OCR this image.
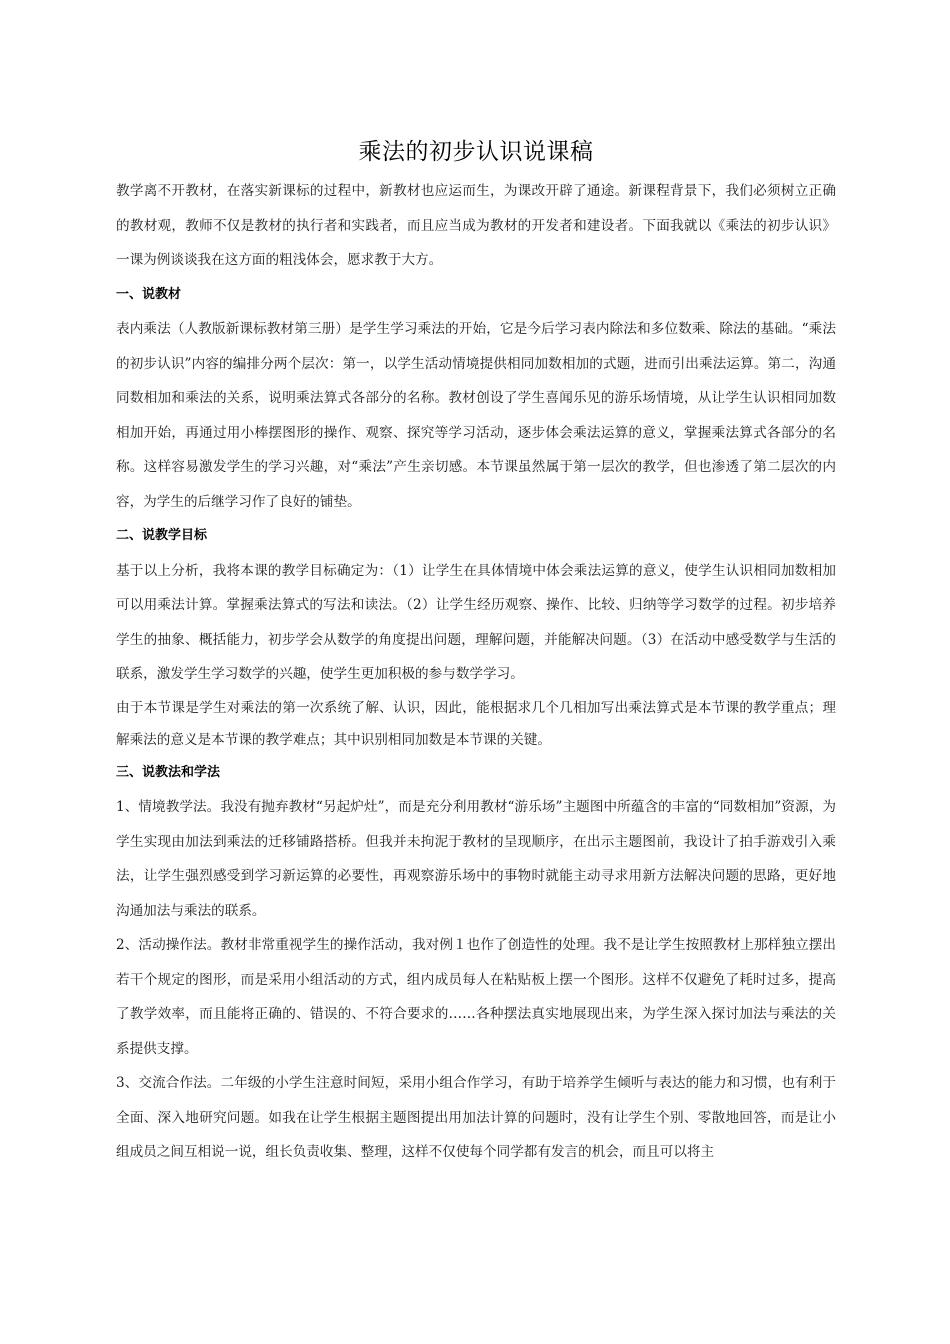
乘法的初步认识说课稿

教学离不开教材，在落实新课标的过程中，新教材也应运而生，为课改开辟了通途。新课程背景下，我们必须树立正确的教材观，教师不仅是教材的执行者和实践者，而且应当成为教材的开发者和建设者。下面我就以《乘法的初步认识》一课为例谈谈我在这方面的粗浅体会，愿求教于大方。

一、说教材

表内乘法（人教版新课标教材第三册）是学生学习乘法的开始，它是今后学习表内除法和多位数乘、除法的基础。“乘法的初步认识”内容的编排分两个层次：第一，以学生活动情境提供相同加数相加的式题，进而引出乘法运算。第二，沟通同数相加和乘法的关系，说明乘法算式各部分的名称。教材创设了学生喜闻乐见的游乐场情境，从让学生认识相同加数相加开始，再通过用小棒摆图形的操作、观察、探究等学习活动，逐步体会乘法运算的意义，掌握乘法算式各部分的名称。这样容易激发学生的学习兴趣，对“乘法”产生亲切感。本节课虽然属于第一层次的教学，但也渗透了第二层次的内容，为学生的后继学习作了良好的铺垫。

二、说教学目标

基于以上分析，我将本课的教学目标确定为：（1）让学生在具体情境中体会乘法运算的意义，使学生认识相同加数相加可以用乘法计算。掌握乘法算式的写法和读法。（2）让学生经历观察、操作、比较、归纳等学习数学的过程。初步培养学生的抽象、概括能力，初步学会从数学的角度提出问题，理解问题，并能解决问题。（3）在活动中感受数学与生活的联系，激发学生学习数学的兴趣，使学生更加积极的参与数学学习。

由于本节课是学生对乘法的第一次系统了解、认识，因此，能根据求几个几相加写出乘法算式是本节课的教学重点；理解乘法的意义是本节课的教学难点；其中识别相同加数是本节课的关键。

三、说教法和学法

1、情境教学法。我没有抛弃教材“另起炉灶”，而是充分利用教材“游乐场”主题图中所蕴含的丰富的“同数相加”资源，为学生实现由加法到乘法的迁移铺路搭桥。但我并未拘泥于教材的呈现顺序，在出示主题图前，我设计了拍手游戏引入乘法，让学生强烈感受到学习新运算的必要性，再观察游乐场中的事物时就能主动寻求用新方法解决问题的思路，更好地沟通加法与乘法的联系。

2、活动操作法。教材非常重视学生的操作活动，我对例１也作了创造性的处理。我不是让学生按照教材上那样独立摆出若干个规定的图形，而是采用小组活动的方式，组内成员每人在粘贴板上摆一个图形。这样不仅避免了耗时过多，提高了教学效率，而且能将正确的、错误的、不符合要求的……各种摆法真实地展现出来，为学生深入探讨加法与乘法的关系提供支撑。

3、交流合作法。二年级的小学生注意时间短，采用小组合作学习，有助于培养学生倾听与表达的能力和习惯，也有利于全面、深入地研究问题。如我在让学生根据主题图提出用加法计算的问题时，没有让学生个别、零散地回答，而是让小组成员之间互相说一说，组长负责收集、整理，这样不仅使每个同学都有发言的机会，而且可以将主
